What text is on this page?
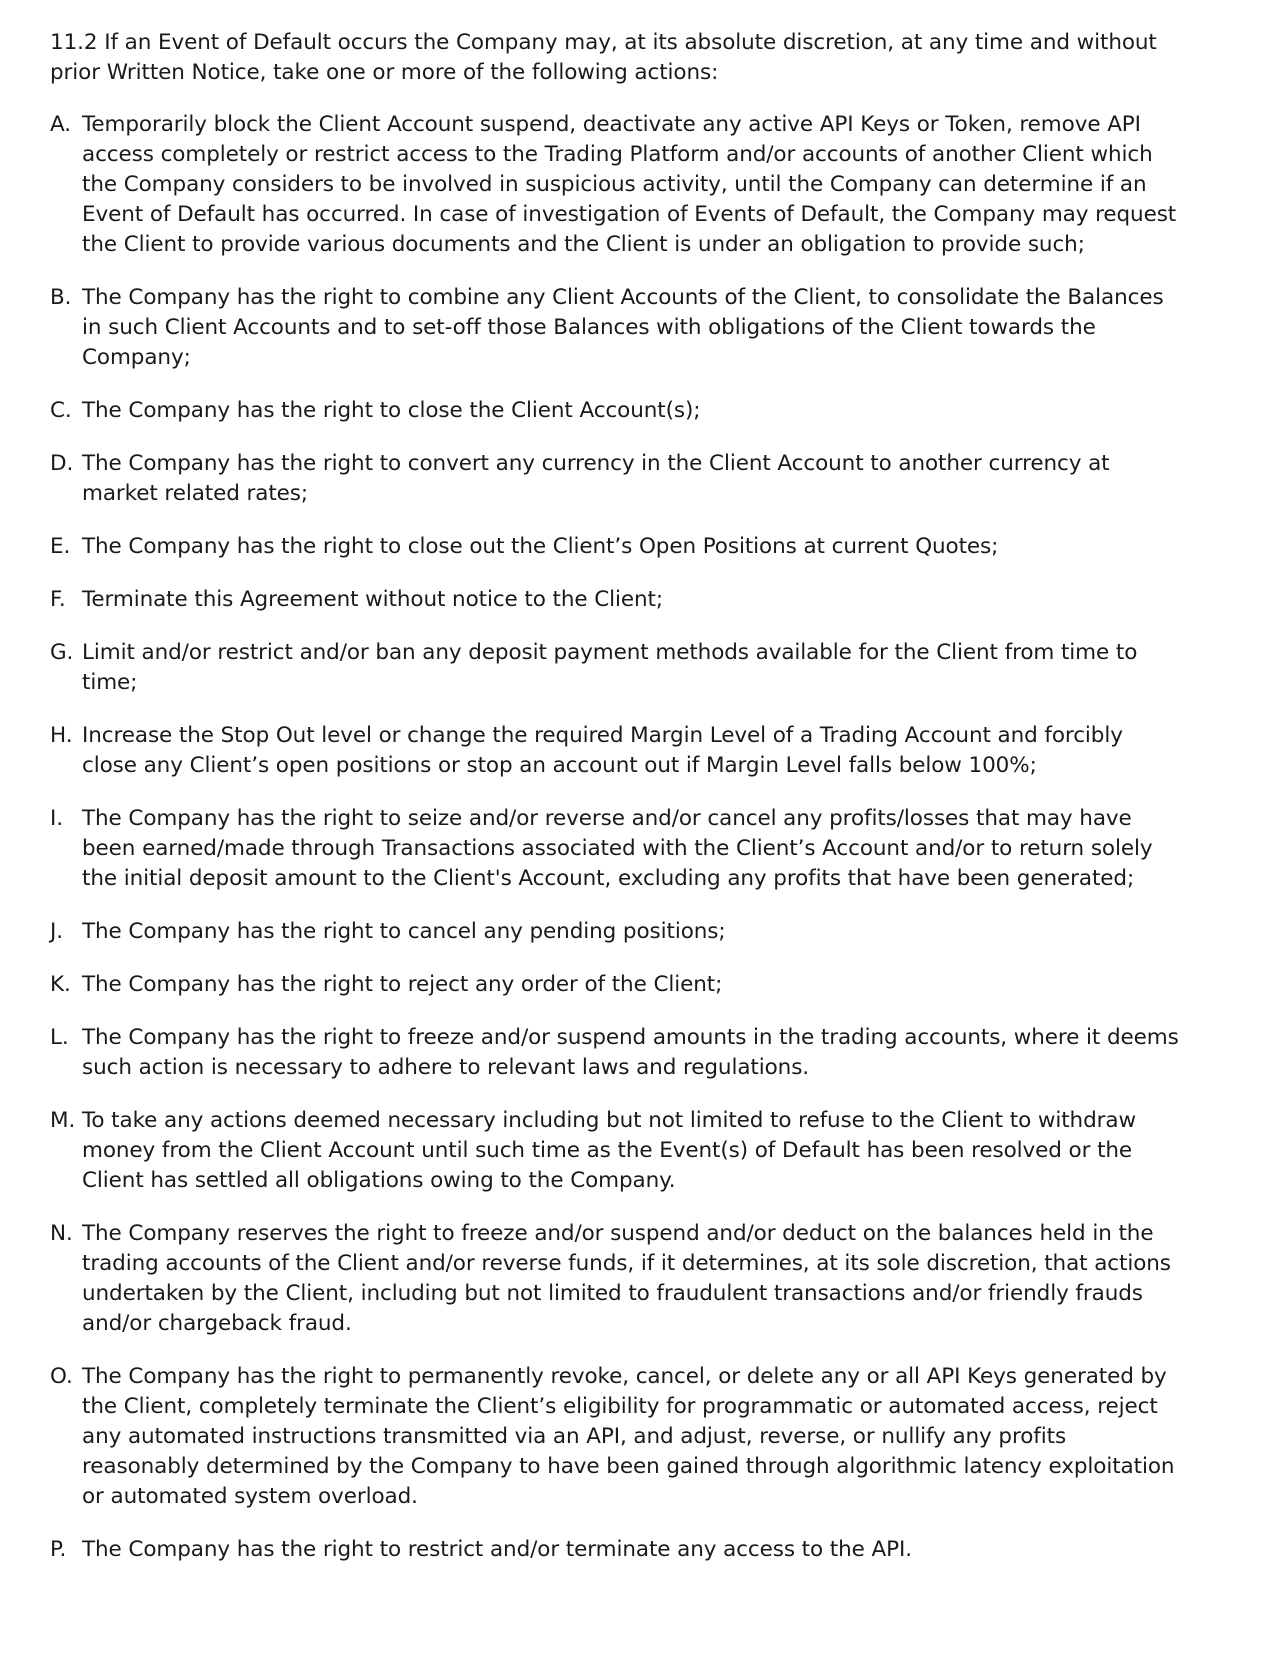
11.2 If an Event of Default occurs the Company may, at its absolute discretion, at any time and without prior Written Notice, take one or more of the following actions:

A. Temporarily block the Client Account suspend, deactivate any active API Keys or Token, remove API access completely or restrict access to the Trading Platform and/or accounts of another Client which the Company considers to be involved in suspicious activity, until the Company can determine if an Event of Default has occurred. In case of investigation of Events of Default, the Company may request the Client to provide various documents and the Client is under an obligation to provide such;
B. The Company has the right to combine any Client Accounts of the Client, to consolidate the Balances in such Client Accounts and to set-off those Balances with obligations of the Client towards the Company;
C. The Company has the right to close the Client Account(s);
D. The Company has the right to convert any currency in the Client Account to another currency at market related rates;
E. The Company has the right to close out the Client’s Open Positions at current Quotes;
F. Terminate this Agreement without notice to the Client;
G. Limit and/or restrict and/or ban any deposit payment methods available for the Client from time to time;
H. Increase the Stop Out level or change the required Margin Level of a Trading Account and forcibly close any Client’s open positions or stop an account out if Margin Level falls below 100%;
I. The Company has the right to seize and/or reverse and/or cancel any profits/losses that may have been earned/made through Transactions associated with the Client’s Account and/or to return solely the initial deposit amount to the Client's Account, excluding any profits that have been generated;
J. The Company has the right to cancel any pending positions;
K. The Company has the right to reject any order of the Client;
L. The Company has the right to freeze and/or suspend amounts in the trading accounts, where it deems such action is necessary to adhere to relevant laws and regulations.
M. To take any actions deemed necessary including but not limited to refuse to the Client to withdraw money from the Client Account until such time as the Event(s) of Default has been resolved or the Client has settled all obligations owing to the Company.
N. The Company reserves the right to freeze and/or suspend and/or deduct on the balances held in the trading accounts of the Client and/or reverse funds, if it determines, at its sole discretion, that actions undertaken by the Client, including but not limited to fraudulent transactions and/or friendly frauds and/or chargeback fraud.
O. The Company has the right to permanently revoke, cancel, or delete any or all API Keys generated by the Client, completely terminate the Client’s eligibility for programmatic or automated access, reject any automated instructions transmitted via an API, and adjust, reverse, or nullify any profits reasonably determined by the Company to have been gained through algorithmic latency exploitation or automated system overload.
P. The Company has the right to restrict and/or terminate any access to the API.
